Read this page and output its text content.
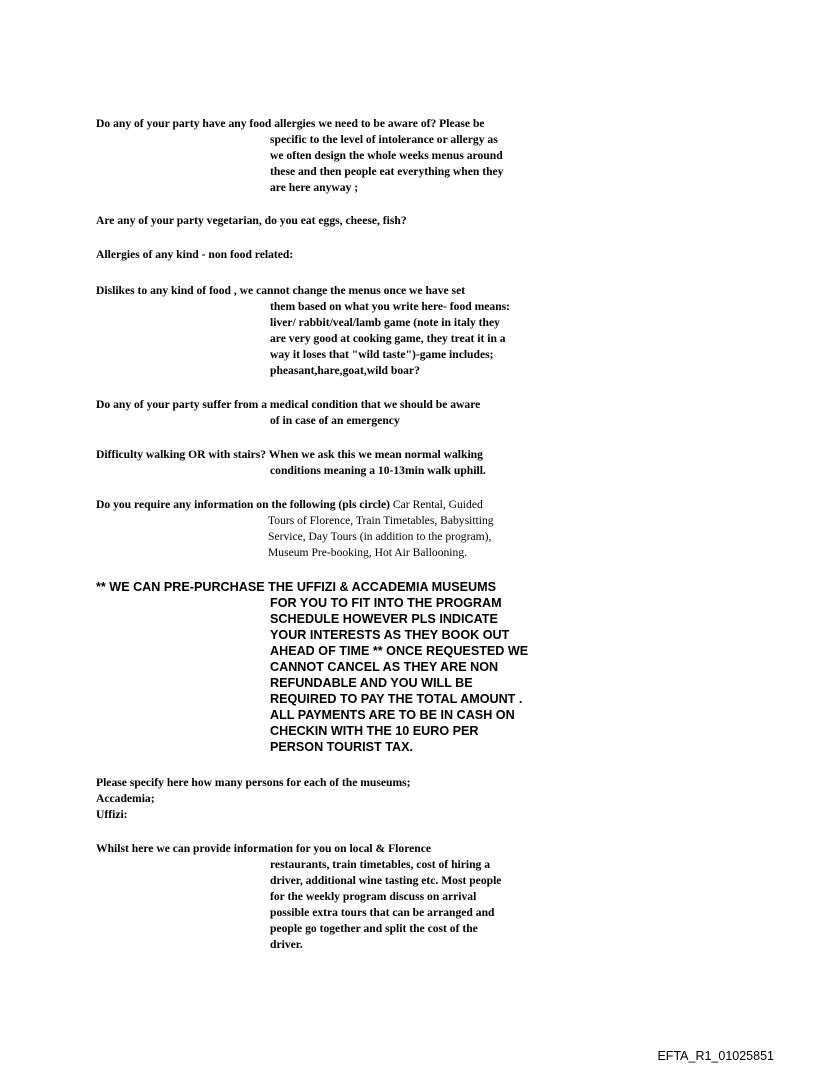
Do any of your party have any food allergies we need to be aware of? Please be
specific to the level of intolerance or allergy as
we often design the whole weeks menus around
these and then people eat everything when they
are here anyway ;
Are any of your party vegetarian, do you eat eggs, cheese, fish?
Allergies of any kind - non food related:
Dislikes to any kind of food , we cannot change the menus once we have set
them based on what you write here- food means:
liver/ rabbit/veal/lamb game (note in italy they
are very good at cooking game, they treat it in a
way it loses that "wild taste")-game includes;
pheasant,hare,goat,wild boar?
Do any of your party suffer from a medical condition that we should be aware
of in case of an emergency
Difficulty walking OR with stairs? When we ask this we mean normal walking
conditions meaning a 10-13min walk uphill.
Do you require any information on the following (pls circle) Car Rental, Guided
Tours of Florence, Train Timetables, Babysitting
Service, Day Tours (in addition to the program),
Museum Pre-booking, Hot Air Ballooning.
** WE CAN PRE-PURCHASE THE UFFIZI & ACCADEMIA MUSEUMS
FOR YOU TO FIT INTO THE PROGRAM
SCHEDULE HOWEVER PLS INDICATE
YOUR INTERESTS AS THEY BOOK OUT
AHEAD OF TIME ** ONCE REQUESTED WE
CANNOT CANCEL AS THEY ARE NON
REFUNDABLE AND YOU WILL BE
REQUIRED TO PAY THE TOTAL AMOUNT .
ALL PAYMENTS ARE TO BE IN CASH ON
CHECKIN WITH THE 10 EURO PER
PERSON TOURIST TAX.
Please specify here how many persons for each of the museums;
Accademia;
Uffizi:
Whilst here we can provide information for you on local & Florence
restaurants, train timetables, cost of hiring a
driver, additional wine tasting etc. Most people
for the weekly program discuss on arrival
possible extra tours that can be arranged and
people go together and split the cost of the
driver.
EFTA_R1_01025851
